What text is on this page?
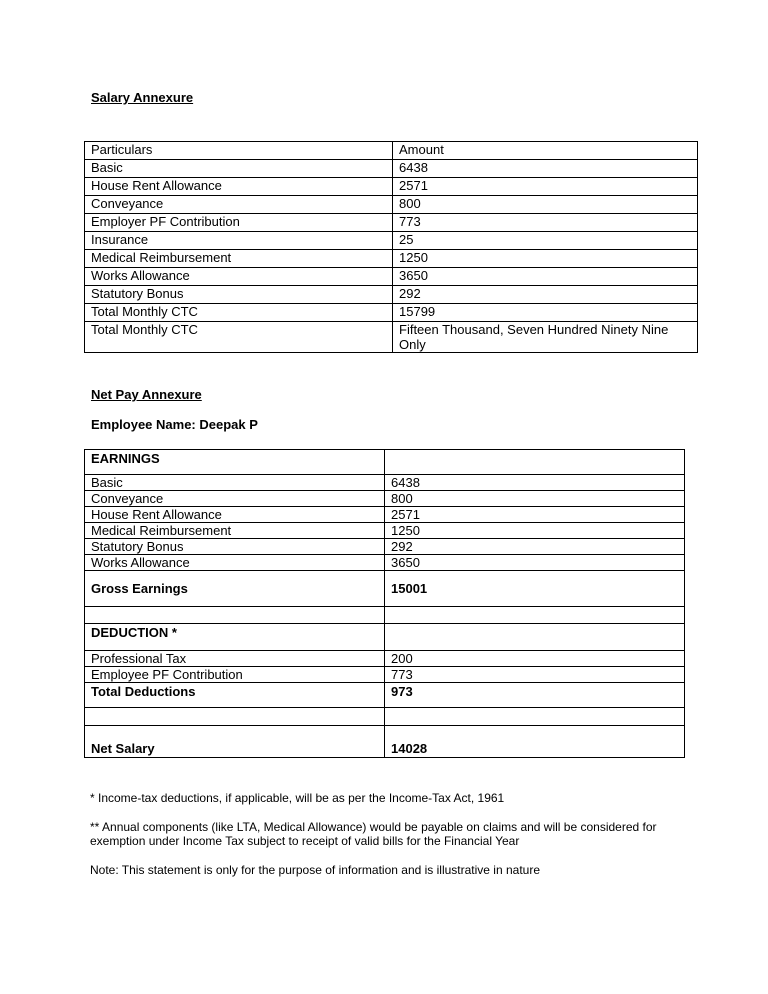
Salary Annexure
Particulars	Amount
Basic	6438
House Rent Allowance	2571
Conveyance	800
Employer PF Contribution	773
Insurance	25
Medical Reimbursement	1250
Works Allowance	3650
Statutory Bonus	292
Total Monthly CTC	15799
Total Monthly CTC	Fifteen Thousand, Seven Hundred Ninety Nine Only
Net Pay Annexure
Employee Name: Deepak P
EARNINGS	
Basic	6438
Conveyance	800
House Rent Allowance	2571
Medical Reimbursement	1250
Statutory Bonus	292
Works Allowance	3650
Gross Earnings	15001

DEDUCTION *	
Professional Tax	200
Employee PF Contribution	773
Total Deductions	973

Net Salary	14028
* Income-tax deductions, if applicable, will be as per the Income-Tax Act, 1961
** Annual components (like LTA, Medical Allowance) would be payable on claims and will be considered for exemption under Income Tax subject to receipt of valid bills for the Financial Year
Note: This statement is only for the purpose of information and is illustrative in nature
